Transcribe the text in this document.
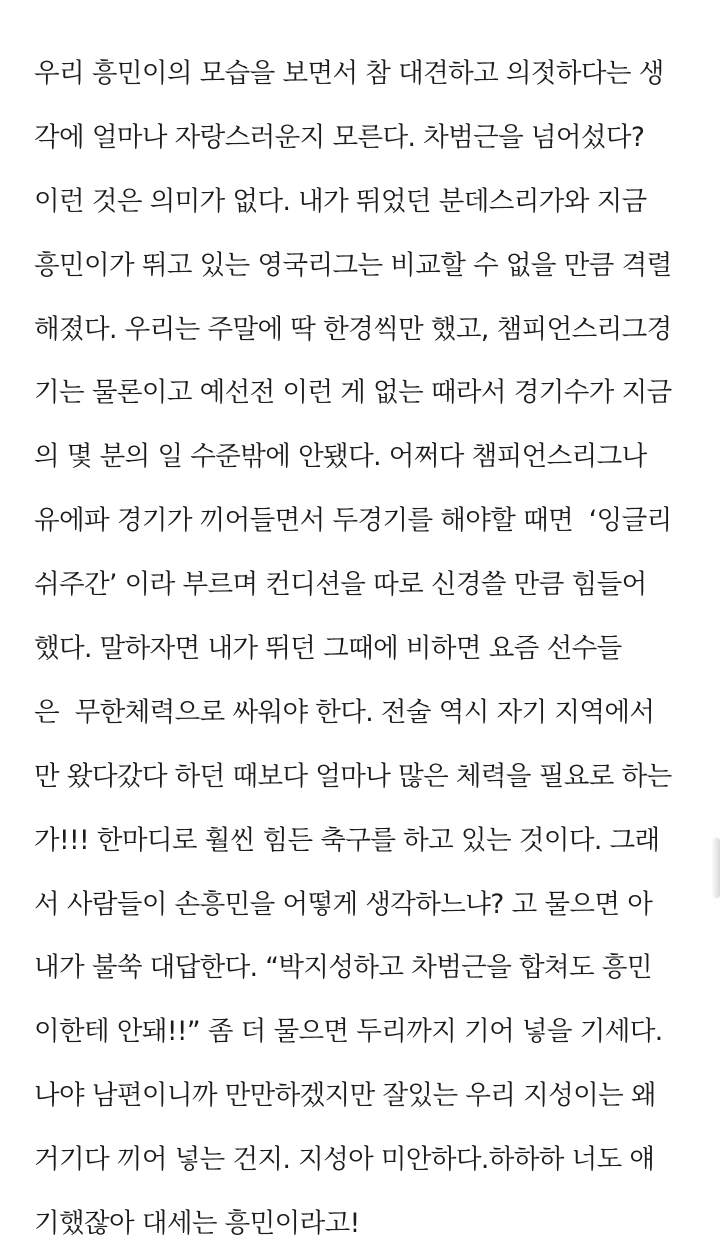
우리 흥민이의 모습을 보면서 참 대견하고 의젓하다는 생
각에 얼마나 자랑스러운지 모른다. 차범근을 넘어섰다?
이런 것은 의미가 없다. 내가 뛰었던 분데스리가와 지금
흥민이가 뛰고 있는 영국리그는 비교할 수 없을 만큼 격렬
해졌다. 우리는 주말에 딱 한경씩만 했고, 챔피언스리그경
기는 물론이고 예선전 이런 게 없는 때라서 경기수가 지금
의 몇 분의 일 수준밖에 안됐다. 어쩌다 챔피언스리그나
유에파 경기가 끼어들면서 두경기를 해야할 때면  ‘잉글리
쉬주간’ 이라 부르며 컨디션을 따로 신경쓸 만큼 힘들어
했다. 말하자면 내가 뛰던 그때에 비하면 요즘 선수들
은  무한체력으로 싸워야 한다. 전술 역시 자기 지역에서
만 왔다갔다 하던 때보다 얼마나 많은 체력을 필요로 하는
가!!! 한마디로 훨씬 힘든 축구를 하고 있는 것이다. 그래
서 사람들이 손흥민을 어떻게 생각하느냐? 고 물으면 아
내가 불쑥 대답한다. “박지성하고 차범근을 합쳐도 흥민
이한테 안돼!!” 좀 더 물으면 두리까지 기어 넣을 기세다.
나야 남편이니까 만만하겠지만 잘있는 우리 지성이는 왜
거기다 끼어 넣는 건지. 지성아 미안하다.하하하 너도 얘
기했잖아 대세는 흥민이라고!
